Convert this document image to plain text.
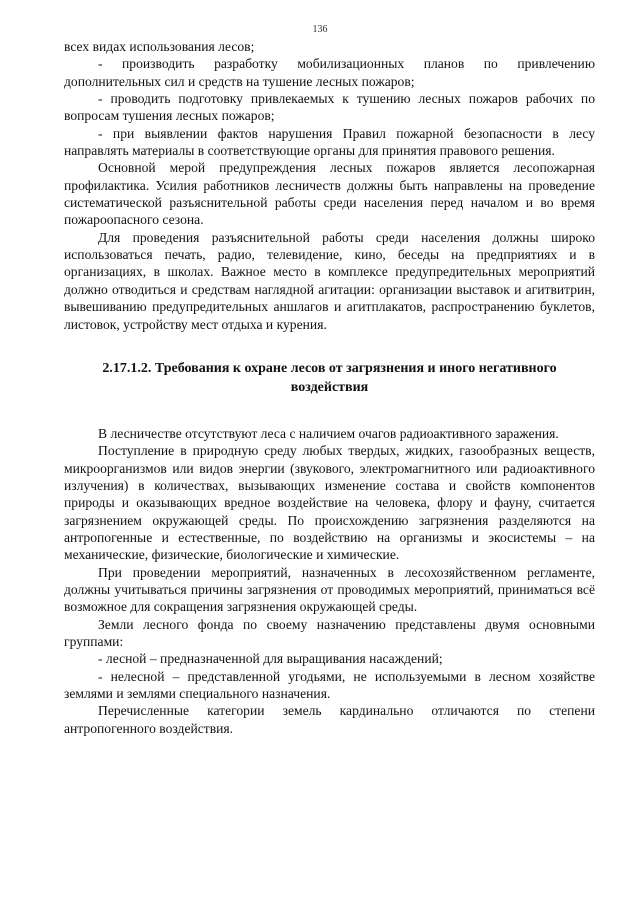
136

всех видах использования лесов;

- производить разработку мобилизационных планов по привлечению дополнительных сил и средств на тушение лесных пожаров;

- проводить подготовку привлекаемых к тушению лесных пожаров рабочих по вопросам тушения лесных пожаров;

- при выявлении фактов нарушения Правил пожарной безопасности в лесу направлять материалы в соответствующие органы для принятия правового решения.

Основной мерой предупреждения лесных пожаров является лесопожарная профилактика. Усилия работников лесничеств должны быть направлены на проведение систематической разъяснительной работы среди населения перед началом и во время пожароопасного сезона.

Для проведения разъяснительной работы среди населения должны широко использоваться печать, радио, телевидение, кино, беседы на предприятиях и в организациях, в школах. Важное место в комплексе предупредительных мероприятий должно отводиться и средствам наглядной агитации: организации выставок и агитвитрин, вывешиванию предупредительных аншлагов и агитплакатов, распространению буклетов, листовок, устройству мест отдыха и курения.

2.17.1.2. Требования к охране лесов от загрязнения и иного негативного
воздействия

В лесничестве отсутствуют леса с наличием очагов радиоактивного заражения.

Поступление в природную среду любых твердых, жидких, газообразных веществ, микроорганизмов или видов энергии (звукового, электромагнитного или радиоактивного излучения) в количествах, вызывающих изменение состава и свойств компонентов природы и оказывающих вредное воздействие на человека, флору и фауну, считается загрязнением окружающей среды. По происхождению загрязнения разделяются на антропогенные и естественные, по воздействию на организмы и экосистемы – на механические, физические, биологические и химические.

При проведении мероприятий, назначенных в лесохозяйственном регламенте, должны учитываться причины загрязнения от проводимых мероприятий, приниматься всё возможное для сокращения загрязнения окружающей среды.

Земли лесного фонда по своему назначению представлены двумя основными группами:

- лесной – предназначенной для выращивания насаждений;

- нелесной – представленной угодьями, не используемыми в лесном хозяйстве землями и землями специального назначения.

Перечисленные категории земель кардинально отличаются по степени антропогенного воздействия.
